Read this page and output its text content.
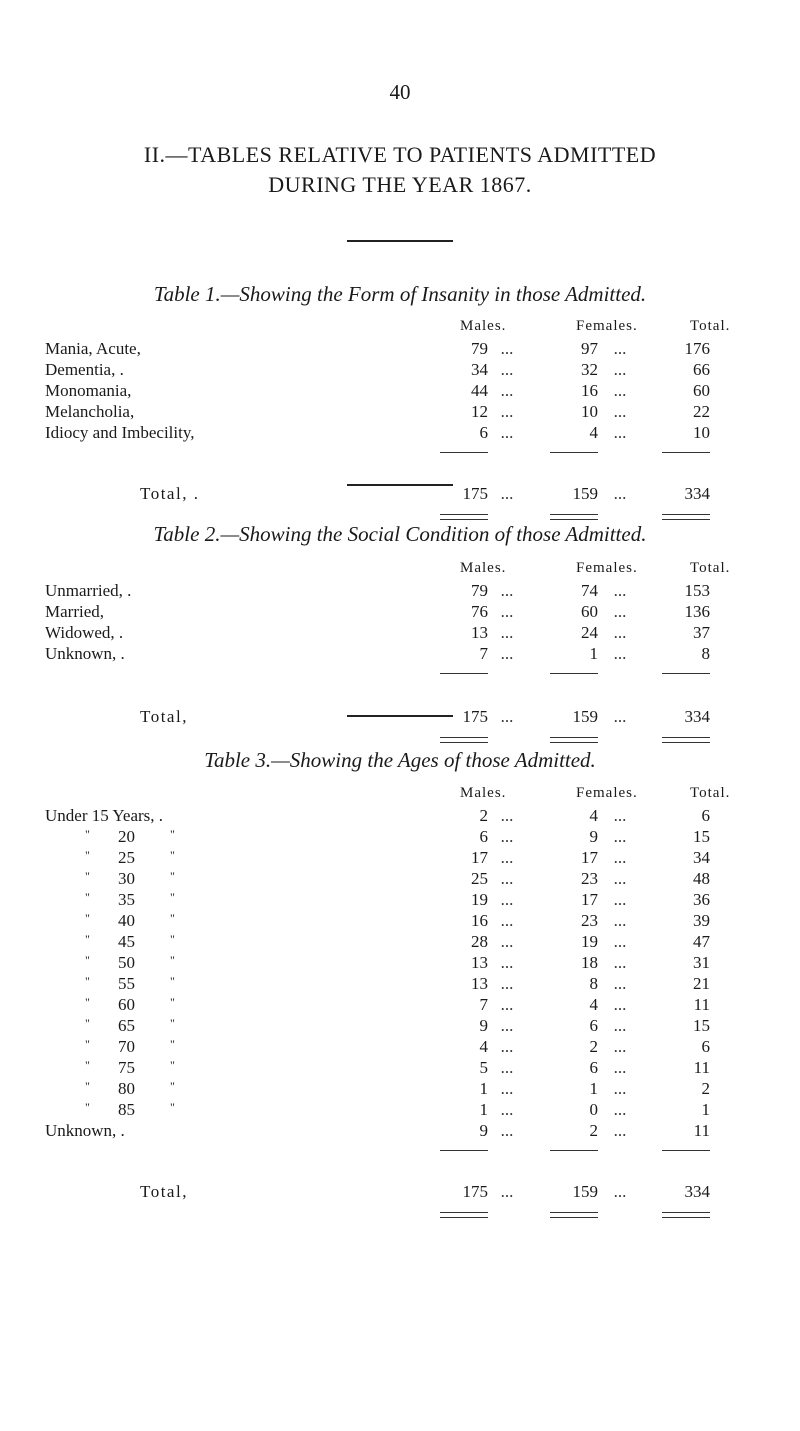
40
II.—TABLES RELATIVE TO PATIENTS ADMITTED
DURING THE YEAR 1867.
Table 1.—Showing the Form of Insanity in those Admitted.
Males.	Females.	Total.
Mania, Acute,	79 ...	97 ...	176
Dementia, .	34 ...	32 ...	66
Monomania,	44 ...	16 ...	60
Melancholia,	12 ...	10 ...	22
Idiocy and Imbecility,	6 ...	4 ...	10
Total, .	175 ...	159 ...	334
Table 2.—Showing the Social Condition of those Admitted.
Males.	Females.	Total.
Unmarried, .	79 ...	74 ...	153
Married,	76 ...	60 ...	136
Widowed, .	13 ...	24 ...	37
Unknown, .	7 ...	1 ...	8
Total,	175 ...	159 ...	334
Table 3.—Showing the Ages of those Admitted.
Males.	Females.	Total.
Under 15 Years, .	2 ...	4 ...	6
"	20	"	6 ...	9 ...	15
"	25	"	17 ...	17 ...	34
"	30	"	25 ...	23 ...	48
"	35	"	19 ...	17 ...	36
"	40	"	16 ...	23 ...	39
"	45	"	28 ...	19 ...	47
"	50	"	13 ...	18 ...	31
"	55	"	13 ...	8 ...	21
"	60	"	7 ...	4 ...	11
"	65	"	9 ...	6 ...	15
"	70	"	4 ...	2 ...	6
"	75	"	5 ...	6 ...	11
"	80	"	1 ...	1 ...	2
"	85	"	1 ...	0 ...	1
Unknown, .	9 ...	2 ...	11
Total,	175 ...	159 ...	334
